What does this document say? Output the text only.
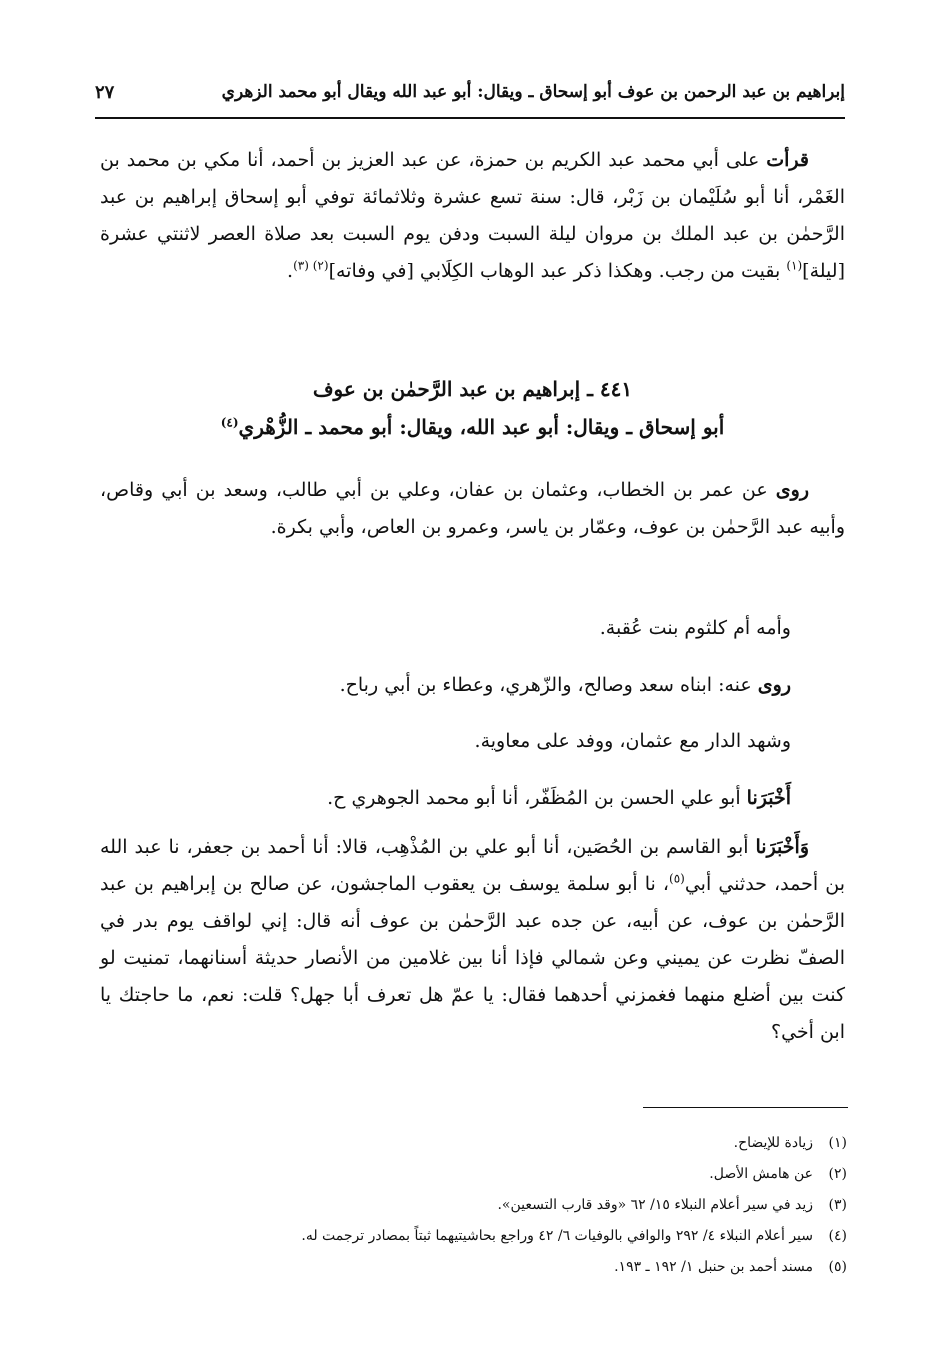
إبراهيم بن عبد الرحمن بن عوف أبو إسحاق ـ ويقال: أبو عبد الله ويقال أبو محمد الزهري
٢٧

قرأت على أبي محمد عبد الكريم بن حمزة، عن عبد العزيز بن أحمد، أنا مكي بن محمد بن الغَمْر، أنا أبو سُلَيْمان بن زَبْر، قال: سنة تسع عشرة وثلاثمائة توفي أبو إسحاق إبراهيم بن عبد الرَّحمٰن بن عبد الملك بن مروان ليلة السبت ودفن يوم السبت بعد صلاة العصر لاثنتي عشرة [ليلة]$^{(١)}$ بقيت من رجب. وهكذا ذكر عبد الوهاب الكِلَابي [في وفاته]$^{(٢) (٣)}$.

٤٤١ ـ إبراهيم بن عبد الرَّحمٰن بن عوف

أبو إسحاق ـ ويقال: أبو عبد الله، ويقال: أبو محمد ـ الزُّهْري$^{(٤)}$

روى عن عمر بن الخطاب، وعثمان بن عفان، وعلي بن أبي طالب، وسعد بن أبي وقاص، وأبيه عبد الرَّحمٰن بن عوف، وعمّار بن ياسر، وعمرو بن العاص، وأبي بكرة.

وأمه أم كلثوم بنت عُقبة.

روى عنه: ابناه سعد وصالح، والزّهري، وعطاء بن أبي رباح.

وشهد الدار مع عثمان، ووفد على معاوية.

أَخْبَرَنا أبو علي الحسن بن المُظَفّر، أنا أبو محمد الجوهري ح.

وَأَخْبَرَنا أبو القاسم بن الحُصَين، أنا أبو علي بن المُذْهِب، قالا: أنا أحمد بن جعفر، نا عبد الله بن أحمد، حدثني أبي$^{(٥)}$، نا أبو سلمة يوسف بن يعقوب الماجشون، عن صالح بن إبراهيم بن عبد الرَّحمٰن بن عوف، عن أبيه، عن جده عبد الرَّحمٰن بن عوف أنه قال: إني لواقف يوم بدر في الصفّ نظرت عن يميني وعن شمالي فإذا أنا بين غلامين من الأنصار حديثة أسنانهما، تمنيت لو كنت بين أضلع منهما فغمزني أحدهما فقال: يا عمّ هل تعرف أبا جهل؟ قلت: نعم، ما حاجتك يا ابن أخي؟

(١)زيادة للإيضاح.
(٢)عن هامش الأصل.
(٣)زيد في سير أعلام النبلاء ١٥/ ٦٢ «وقد قارب التسعين».
(٤)سير أعلام النبلاء ٤/ ٢٩٢ والوافي بالوفيات ٦/ ٤٢ وراجع بحاشيتيهما ثبتاً بمصادر ترجمت له.
(٥)مسند أحمد بن حنبل ١/ ١٩٢ ـ ١٩٣.
